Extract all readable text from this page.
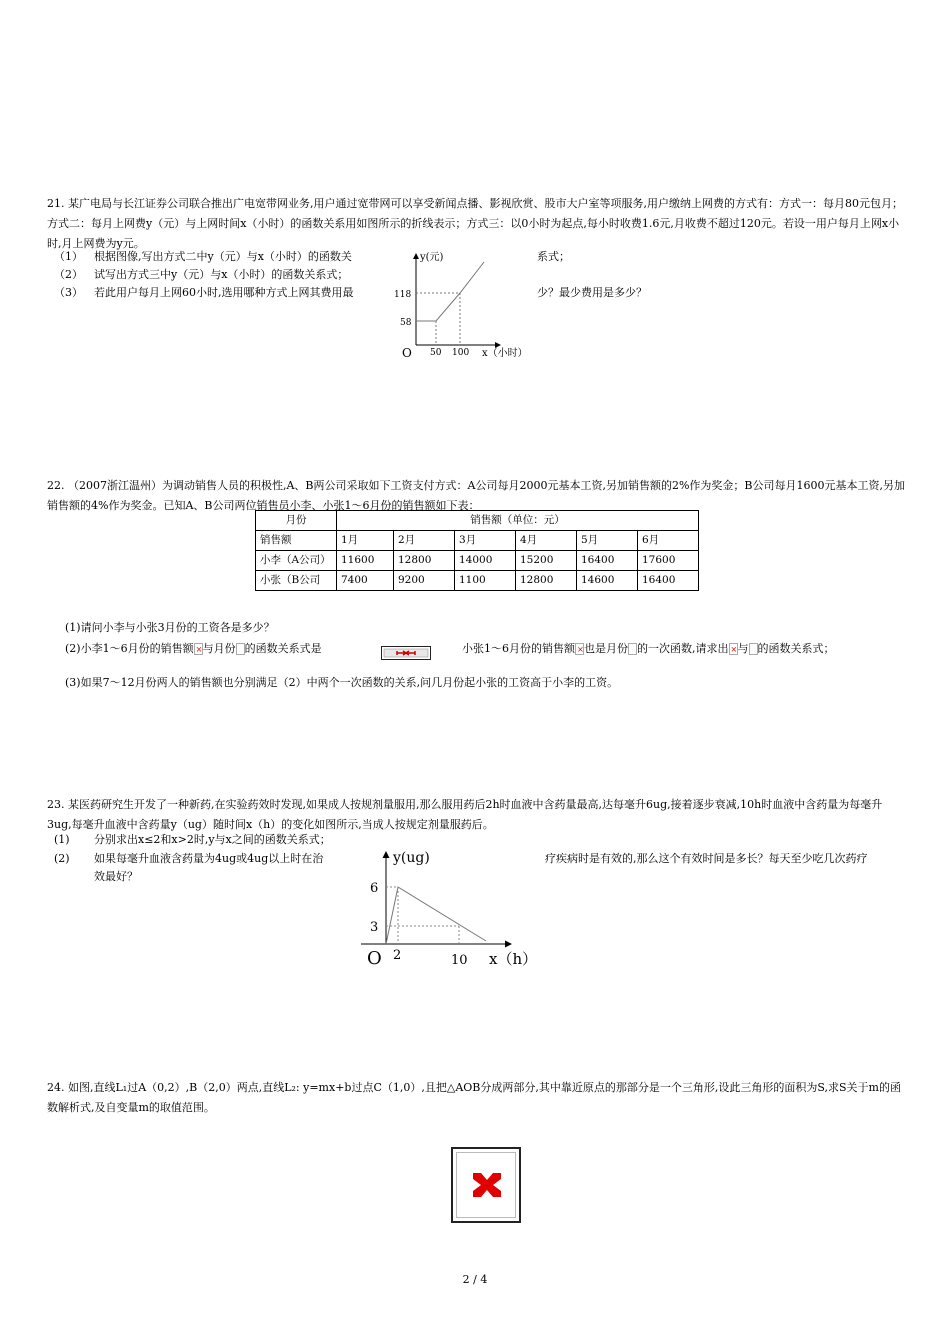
21. 某广电局与长江证券公司联合推出广电宽带网业务,用户通过宽带网可以享受新闻点播、影视欣赏、股市大户室等项服务,用户缴纳上网费的方式有：方式一：每月80元包月；方式二：每月上网费y（元）与上网时间x（小时）的函数关系用如图所示的折线表示；方式三：以0小时为起点,每小时收费1.6元,月收费不超过120元。若设一用户每月上网x小时,月上网费为y元。
（1） 根据图像,写出方式二中y（元）与x（小时）的函数关	系式；
（2） 试写出方式三中y（元）与x（小时）的函数关系式；
（3） 若此用户每月上网60小时,选用哪种方式上网其费用最	少？最少费用是多少？
y(元)
118
58
O 50 100 x（小时）
22. （2007浙江温州）为调动销售人员的积极性,A、B两公司采取如下工资支付方式：A公司每月2000元基本工资,另加销售额的2%作为奖金；B公司每月1600元基本工资,另加销售额的4%作为奖金。已知A、B公司两位销售员小李、小张1～6月份的销售额如下表：
月份	销售额（单位：元）					
销售额	1月	2月	3月	4月	5月	6月
小李（A公司）	11600	12800	14000	15200	16400	17600
小张（B公司	7400	9200	1100	12800	14600	16400
(1)请问小李与小张3月份的工资各是多少？
(2)小李1～6月份的销售额 × 与月份 的函数关系式是	小张1～6月份的销售额 × 也是月份 的一次函数,请求出 × 与 的函数关系式；
(3)如果7～12月份两人的销售额也分别满足（2）中两个一次函数的关系,问几月份起小张的工资高于小李的工资。
23. 某医药研究生开发了一种新药,在实验药效时发现,如果成人按规剂量服用,那么服用药后2h时血液中含药量最高,达每毫升6ug,接着逐步衰减,10h时血液中含药量为每毫升3ug,每毫升血液中含药量y（ug）随时间x（h）的变化如图所示,当成人按规定剂量服药后。
(1) 分别求出x≤2和x>2时,y与x之间的函数关系式；
(2) 如果每毫升血液含药量为4ug或4ug以上时在治	疗疾病时是有效的,那么这个有效时间是多长？每天至少吃几次药疗
效最好？
y(ug)
6
3
O 2	10 x（h）
24. 如图,直线L₁过A（0,2）,B（2,0）两点,直线L₂: y=mx+b过点C（1,0）,且把△AOB分成两部分,其中靠近原点的那部分是一个三角形,设此三角形的面积为S,求S关于m的函数解析式,及自变量m的取值范围。
2 / 4
